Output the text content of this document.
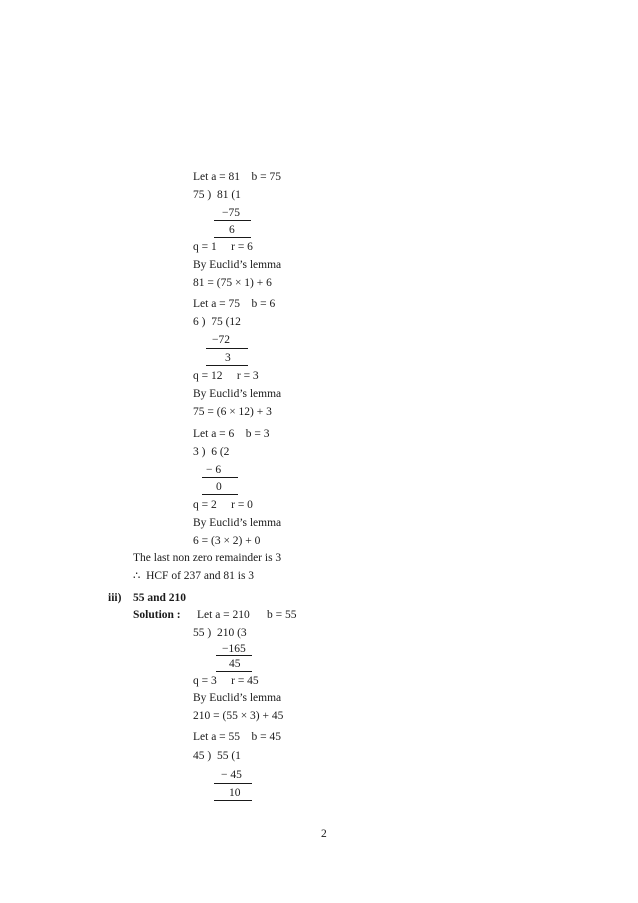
Let a = 81    b = 75
75 )  81 (1
−75
6
q = 1     r = 6
By Euclid’s lemma
81 = (75 × 1) + 6
Let a = 75    b = 6
6 )  75 (12
−72
3
q = 12     r = 3
By Euclid’s lemma
75 = (6 × 12) + 3
Let a = 6    b = 3
3 )  6 (2
− 6
0
q = 2     r = 0
By Euclid’s lemma
6 = (3 × 2) + 0
The last non zero remainder is 3
∴  HCF of 237 and 81 is 3
iii) 55 and 210
Solution : Let a = 210      b = 55
55 )  210 (3
−165
45
q = 3     r = 45
By Euclid’s lemma
210 = (55 × 3) + 45
Let a = 55    b = 45
45 )  55 (1
− 45
10
2
